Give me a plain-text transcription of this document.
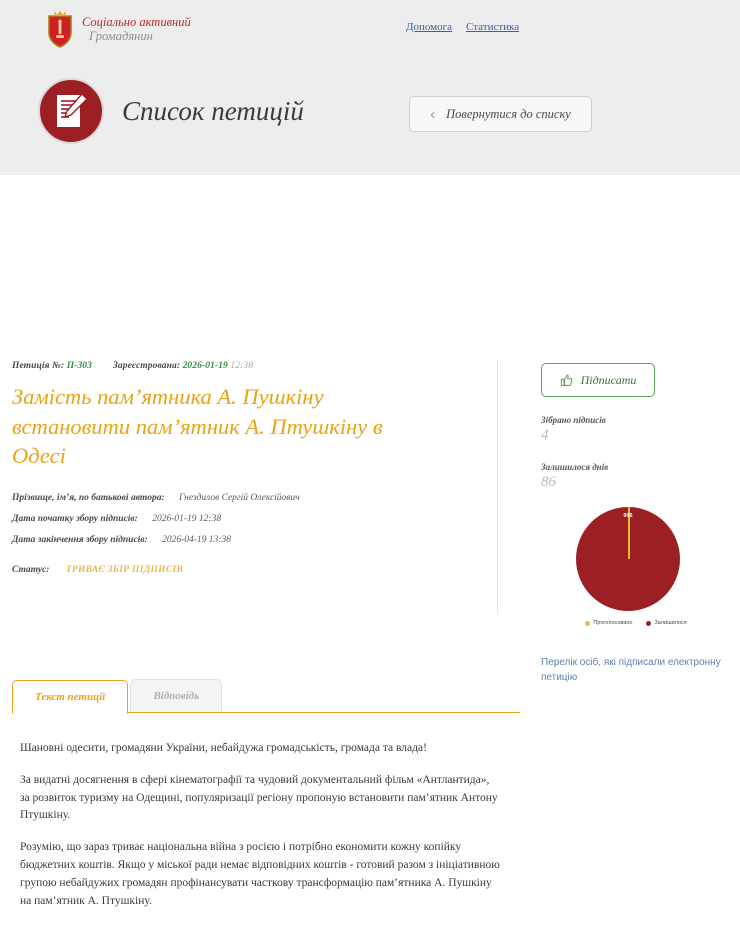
Соціально активний
Громадянин
Допомога Статистика
Список петицій	‹ Повернутися до списку
Петиція №: П-303 Зареєстрована: 2026-01-19 12:38
Замість пам’ятника А. Пушкіну встановити пам’ятник А. Птушкіну в Одесі
Прізвище, ім’я, по батькові автора: Гнездилов Сергій Олексійович
Дата початку збору підписів: 2026-01-19 12:38
Дата закінчення збору підписів: 2026-04-19 13:38
Статус: ТРИВАЄ ЗБІР ПІДПИСІВ
Підписати
Зібрано підписів
4
Залишилося днів
86
996
Проголосовано	Залишилося
Перелік осіб, які підписали електронну петицію
Текст петиції	Відповідь

Шановні одесити, громадяни України, небайдужа громадськість, громада та влада!

За видатні досягнення в сфері кінематографії та чудовий документальний фільм «Антлантида», за розвиток туризму на Одещині, популяризації регіону пропоную встановити пам’ятник Антону Птушкіну.

Розумію, що зараз триває національна війна з росією і потрібно економити кожну копійку бюджетних коштів. Якщо у міської ради немає відповідних коштів - готовий разом з ініціативною групою небайдужих громадян профінансувати часткову трансформацію пам’ятника А. Пушкіну на пам’ятник А. Птушкіну.
